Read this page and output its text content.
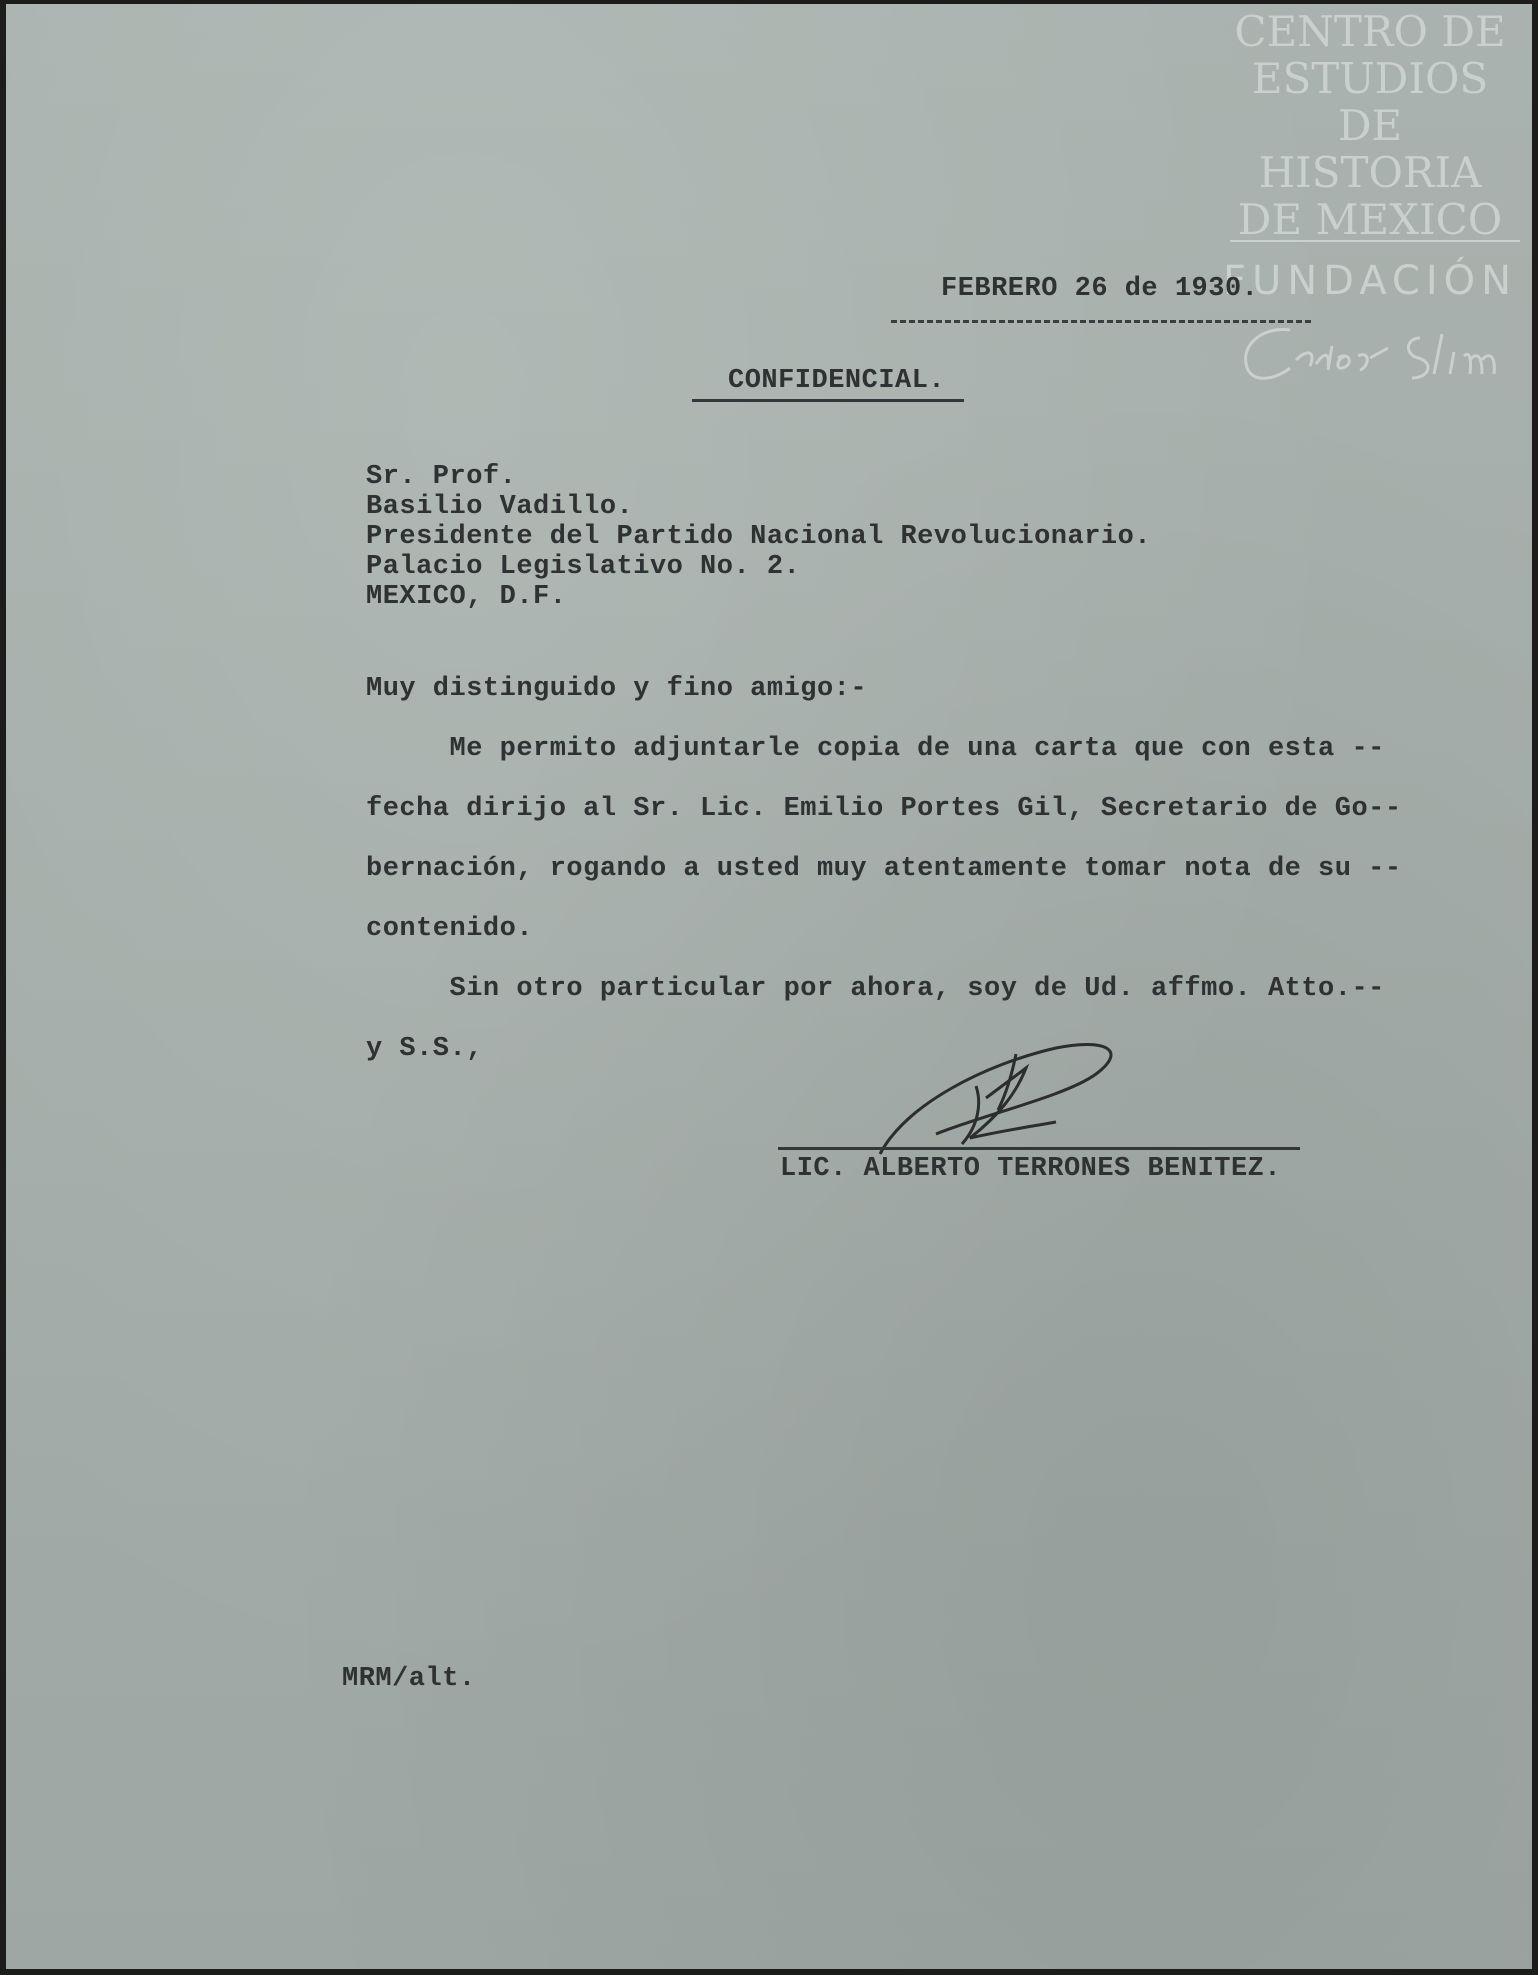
CENTRO DE
ESTUDIOS
DE HISTORIA
DE MEXICO
FUNDACIÓN
FEBRERO 26 de 1930.
CONFIDENCIAL.
Sr. Prof.
Basilio Vadillo.
Presidente del Partido Nacional Revolucionario.
Palacio Legislativo No. 2.
MEXICO, D.F.
Muy distinguido y fino amigo:-
Me permito adjuntarle copia de una carta que con esta --
fecha dirijo al Sr. Lic. Emilio Portes Gil, Secretario de Go--
bernación, rogando a usted muy atentamente tomar nota de su --
contenido.
Sin otro particular por ahora, soy de Ud. affmo. Atto.--
y S.S.,
LIC. ALBERTO TERRONES BENITEZ.
MRM/alt.
